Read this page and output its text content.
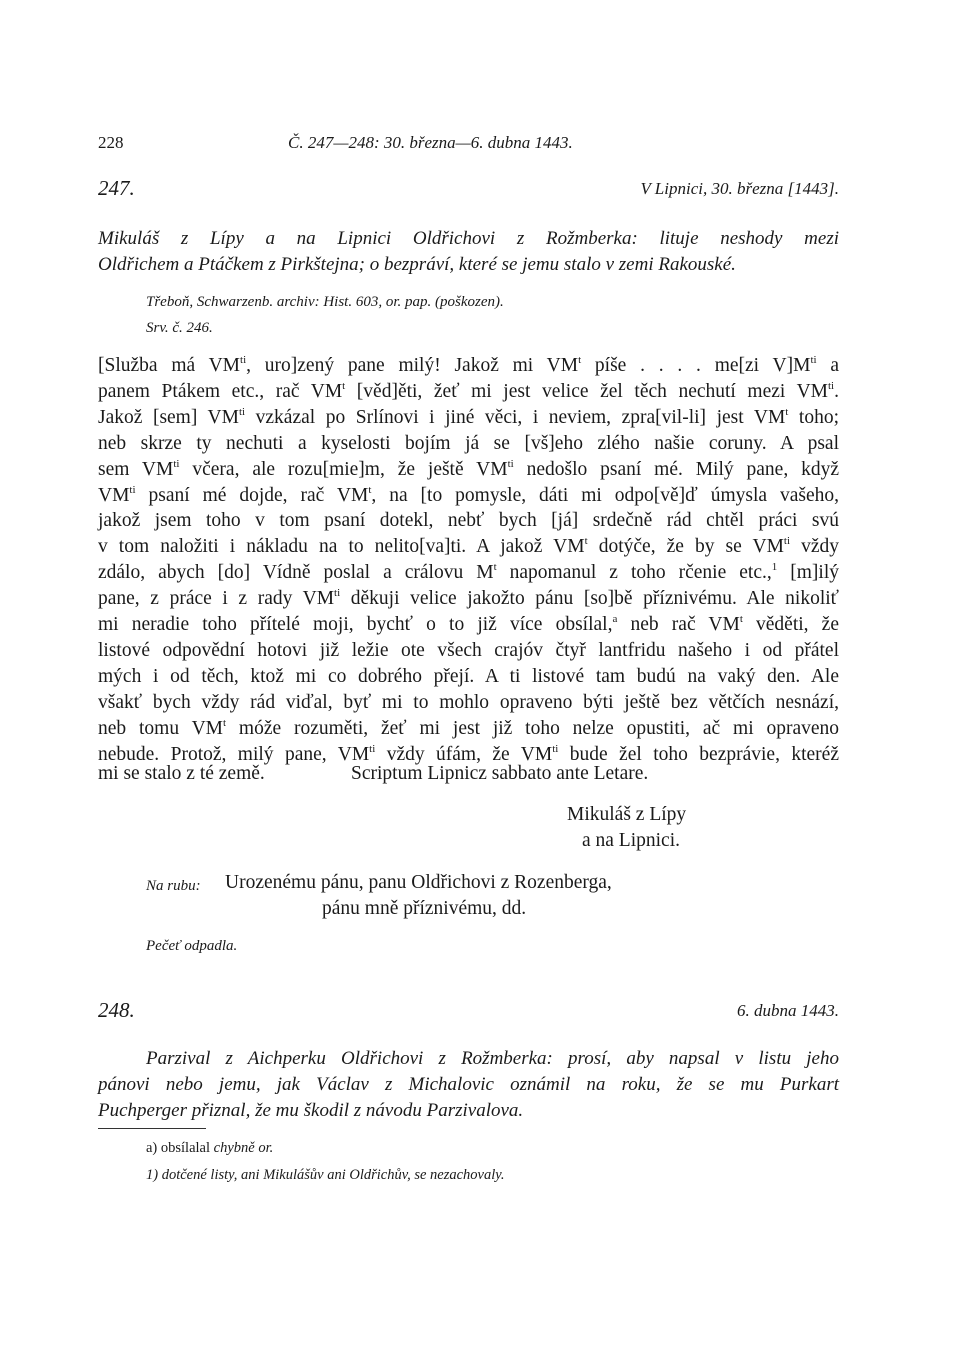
228	Č. 247—248: 30. března—6. dubna 1443.
247.	V Lipnici, 30. března [1443].
Mikuláš z Lípy a na Lipnici Oldřichovi z Rožmberka: lituje neshody mezi
Oldřichem a Ptáčkem z Pirkštejna; o bezpráví, které se jemu stalo v zemi Rakouské.
Třeboň, Schwarzenb. archiv: Hist. 603, or. pap. (poškozen).
Srv. č. 246.
[Služba má $VM^{ti}$, uro]zený pane milý! Jakož mi $VM^t$ píše . . . . me[zi $V]M^{ti}$ a
panem Ptákem etc., rač $VM^t$ [věd]ěti, žeť mi jest velice žel těch nechutí mezi $VM^{ti}$.
Jakož [sem] $VM^{ti}$ vzkázal po Srlínovi i jiné věci, i neviem, zpra[vil-li] jest $VM^t$ toho;
neb skrze ty nechuti a kyselosti bojím já se [vš]eho zlého našie coruny. A psal
sem $VM^{ti}$ včera, ale rozu[mie]m, že ještě $VM^{ti}$ nedošlo psaní mé. Milý pane, když
$VM^{ti}$ psaní mé dojde, rač $VM^t$, na [to pomysle, dáti mi odpo[vě]ď úmysla vašeho,
jakož jsem toho v tom psaní dotekl, nebť bych [já] srdečně rád chtěl práci svú
v tom naložiti i nákladu na to nelito[va]ti. A jakož $VM^t$ dotýče, že by se $VM^{ti}$ vždy
zdálo, abych [do] Vídně poslal a crálovu $M^t$ napomanul z toho rčenie etc.,$^1$ [m]ilý
pane, z práce i z rady $VM^{ti}$ děkuji velice jakožto pánu [so]bě příznivému. Ale nikoliť
mi neradie toho přítelé moji, bychť o to již více obsílal,$^a$ neb rač $VM^t$ věděti, že
listové odpovědní hotovi již ležie ote všech crajóv čtyř lantfridu našeho i od přátel
mých i od těch, ktož mi co dobrého přejí. A ti listové tam budú na vaký den. Ale
všakť bych vždy rád viďal, byť mi to mohlo opraveno býti ještě bez větčích nesnází,
neb tomu $VM^t$ móže rozuměti, žeť mi jest již toho nelze opustiti, ač mi opraveno
nebude. Protož, milý pane, $VM^{ti}$ vždy úfám, že $VM^{ti}$ bude žel toho bezprávie, kteréž
mi se stalo z té země.	Scriptum Lipnicz sabbato ante Letare.
Mikuláš z Lípy
a na Lipnici.
Na rubu: Urozenému pánu, panu Oldřichovi z Rozenberga,
pánu mně příznivému, dd.
Pečeť odpadla.
248.	6. dubna 1443.
Parzival z Aichperku Oldřichovi z Rožmberka: prosí, aby napsal v listu jeho
pánovi nebo jemu, jak Václav z Michalovic oznámil na roku, že se mu Purkart
Puchperger přiznal, že mu škodil z návodu Parzivalova.
a) obsílalal chybně or.
1) dotčené listy, ani Mikulášův ani Oldřichův, se nezachovaly.
